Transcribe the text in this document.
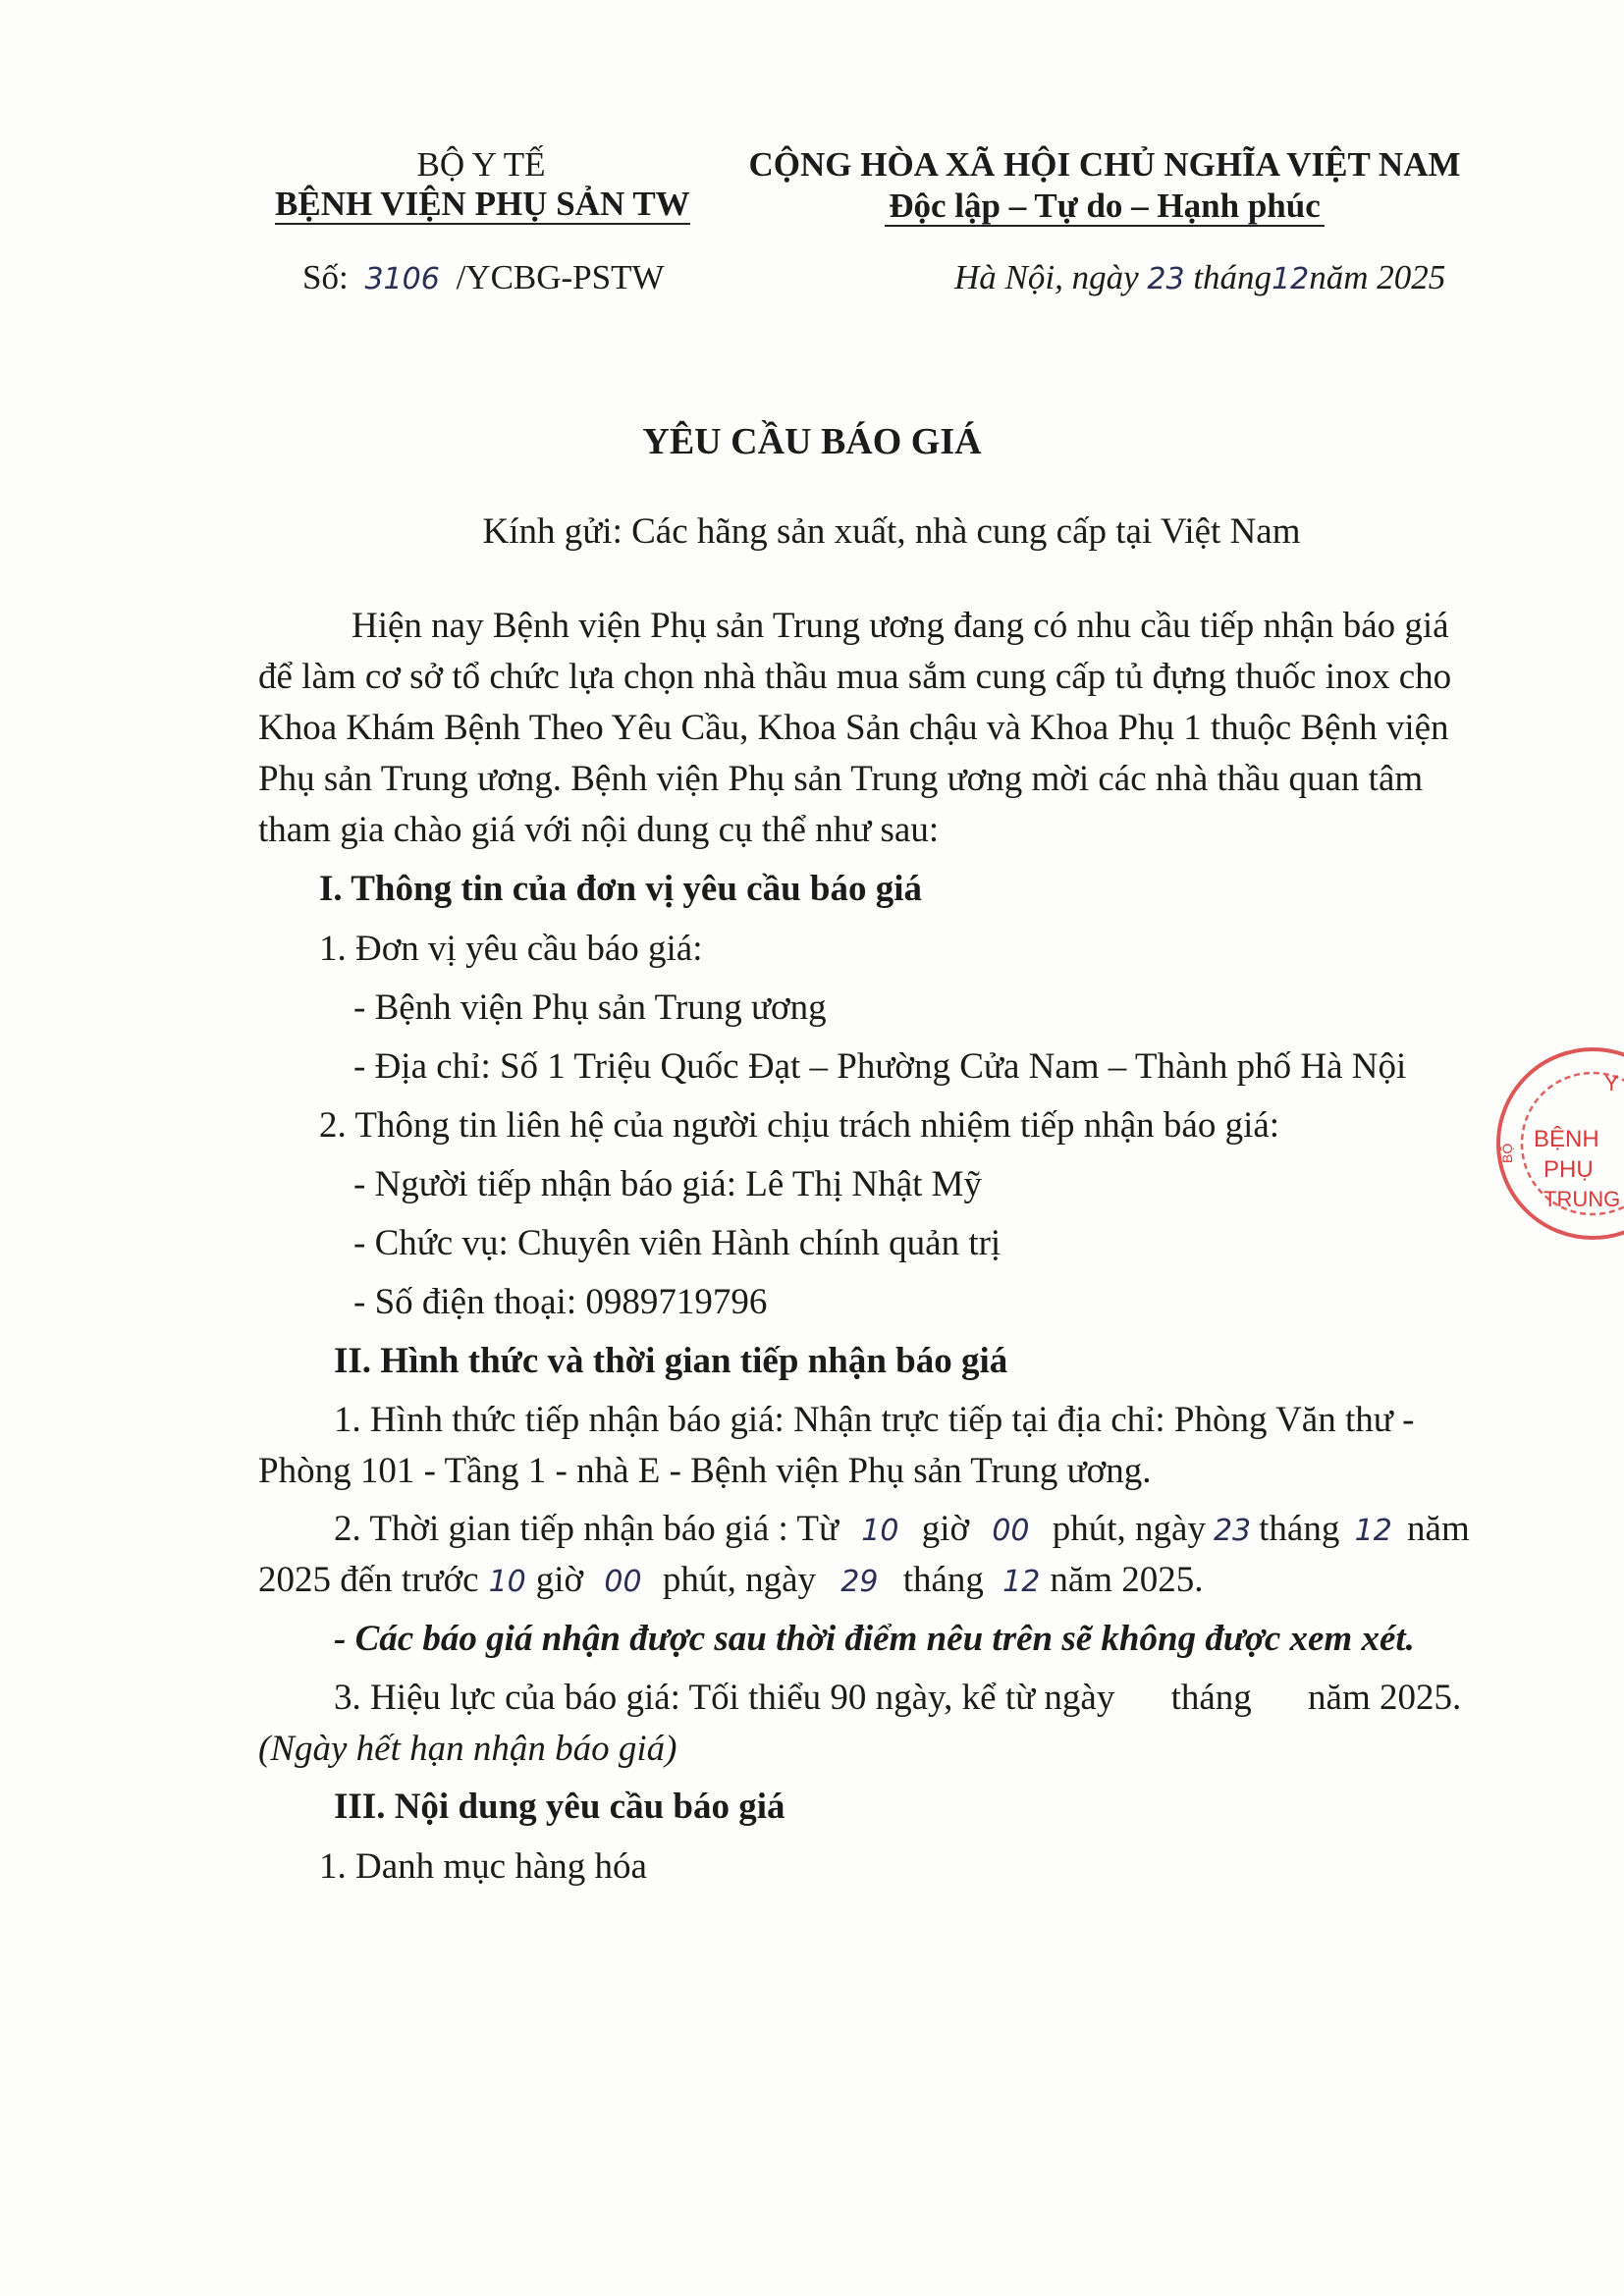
BỘ Y TẾ
BỆNH VIỆN PHỤ SẢN TW
CỘNG HÒA XÃ HỘI CHỦ NGHĨA VIỆT NAM
Độc lập – Tự do – Hạnh phúc
Số: 3106 /YCBG-PSTW	Hà Nội, ngày 23 tháng12năm 2025
YÊU CẦU BÁO GIÁ
Kính gửi: Các hãng sản xuất, nhà cung cấp tại Việt Nam
Hiện nay Bệnh viện Phụ sản Trung ương đang có nhu cầu tiếp nhận báo giá
để làm cơ sở tổ chức lựa chọn nhà thầu mua sắm cung cấp tủ đựng thuốc inox cho
Khoa Khám Bệnh Theo Yêu Cầu, Khoa Sản chậu và Khoa Phụ 1 thuộc Bệnh viện
Phụ sản Trung ương. Bệnh viện Phụ sản Trung ương mời các nhà thầu quan tâm
tham gia chào giá với nội dung cụ thể như sau:
I. Thông tin của đơn vị yêu cầu báo giá
1. Đơn vị yêu cầu báo giá:
- Bệnh viện Phụ sản Trung ương
- Địa chỉ: Số 1 Triệu Quốc Đạt – Phường Cửa Nam – Thành phố Hà Nội
2. Thông tin liên hệ của người chịu trách nhiệm tiếp nhận báo giá:
- Người tiếp nhận báo giá: Lê Thị Nhật Mỹ
- Chức vụ: Chuyên viên Hành chính quản trị
- Số điện thoại: 0989719796
II. Hình thức và thời gian tiếp nhận báo giá
1. Hình thức tiếp nhận báo giá: Nhận trực tiếp tại địa chỉ: Phòng Văn thư -
Phòng 101 - Tầng 1 - nhà E - Bệnh viện Phụ sản Trung ương.
2. Thời gian tiếp nhận báo giá : Từ 10 giờ 00 phút, ngày 23 tháng 12 năm
2025 đến trước 10 giờ 00 phút, ngày 29 tháng 12 năm 2025.
- Các báo giá nhận được sau thời điểm nêu trên sẽ không được xem xét.
3. Hiệu lực của báo giá: Tối thiểu 90 ngày, kể từ ngày tháng năm 2025.
(Ngày hết hạn nhận báo giá)
III. Nội dung yêu cầu báo giá
1. Danh mục hàng hóa
Y
BỆNH
PHỤ
TRUNG
BỘ
